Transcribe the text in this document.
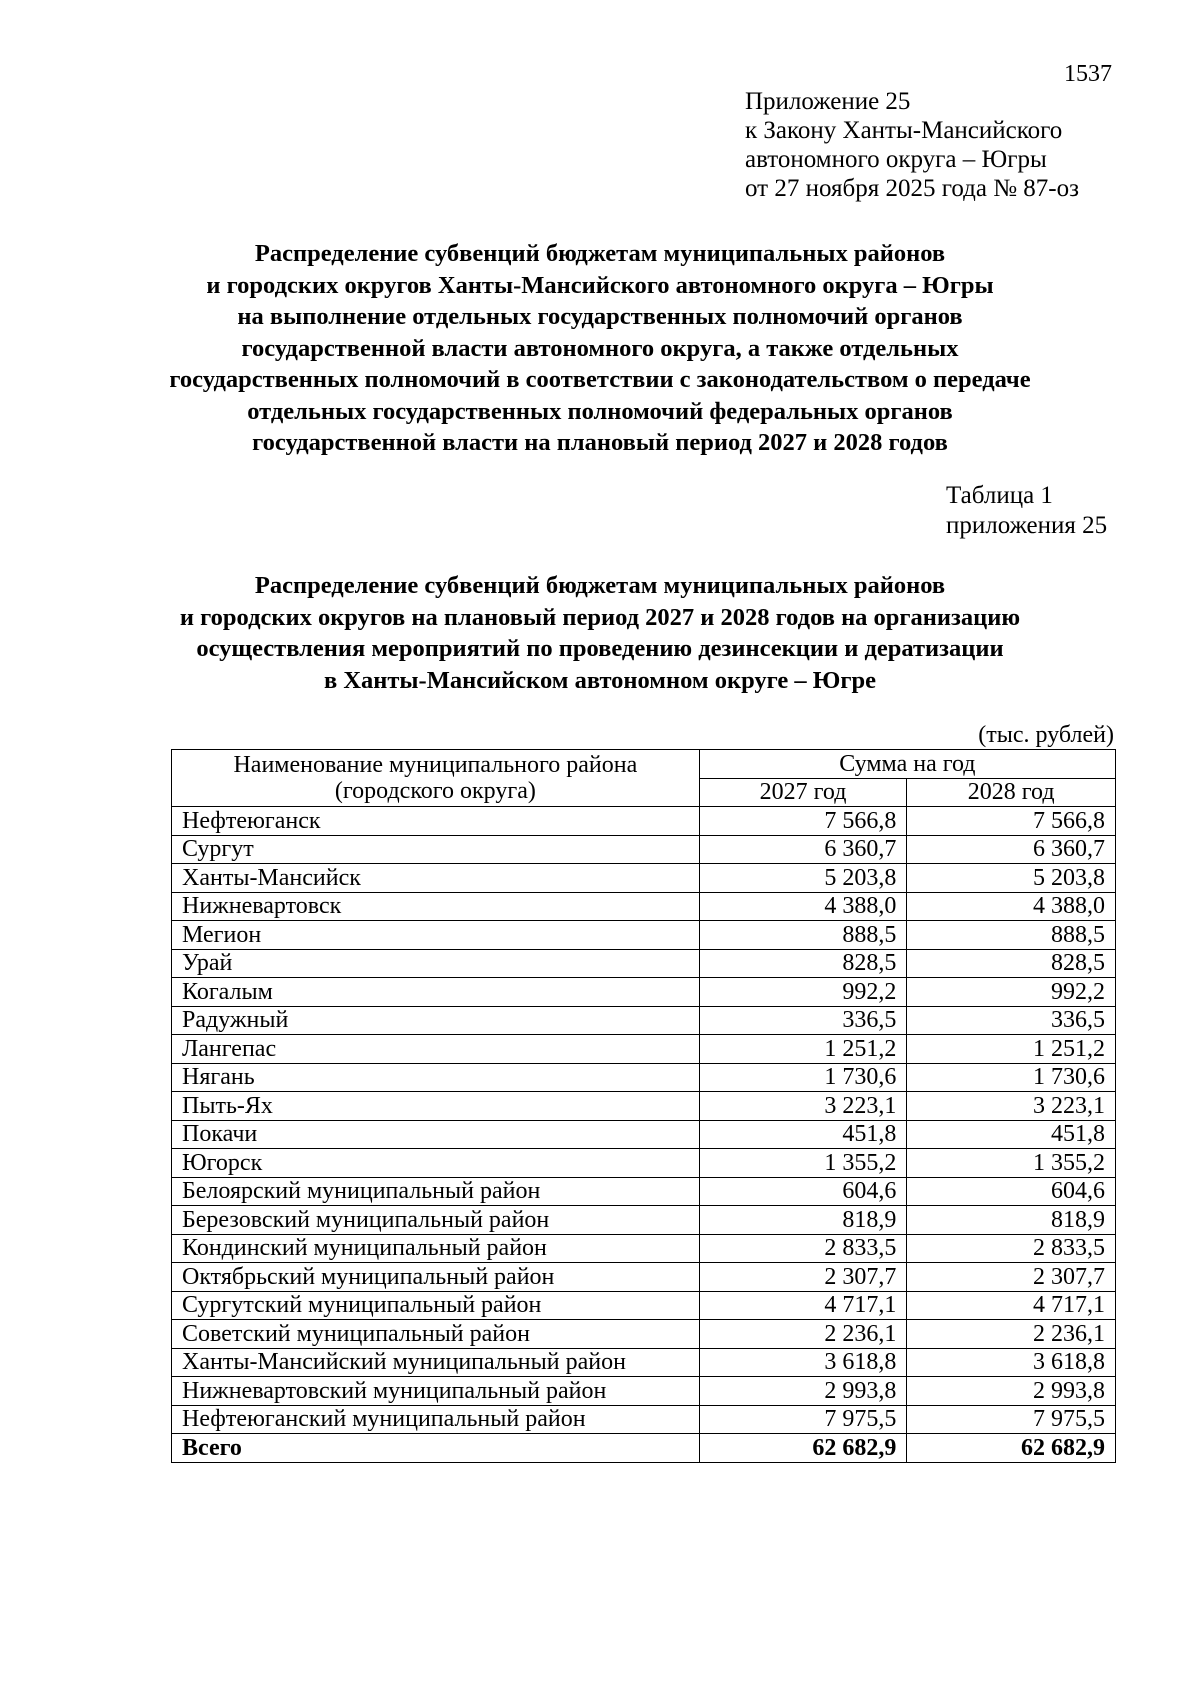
1537
Приложение 25
к Закону Ханты-Мансийского
автономного округа – Югры
от 27 ноября 2025 года № 87-оз
Распределение субвенций бюджетам муниципальных районов
и городских округов Ханты-Мансийского автономного округа – Югры
на выполнение отдельных государственных полномочий органов
государственной власти автономного округа, а также отдельных
государственных полномочий в соответствии с законодательством о передаче
отдельных государственных полномочий федеральных органов
государственной власти на плановый период 2027 и 2028 годов
Таблица 1
приложения 25
Распределение субвенций бюджетам муниципальных районов
и городских округов на плановый период 2027 и 2028 годов на организацию
осуществления мероприятий по проведению дезинсекции и дератизации
в Ханты-Мансийском автономном округе – Югре
(тыс. рублей)
Наименование муниципального района
(городского округа)	Сумма на год	
	2027 год	2028 год
Нефтеюганск	7 566,8	7 566,8
Сургут	6 360,7	6 360,7
Ханты-Мансийск	5 203,8	5 203,8
Нижневартовск	4 388,0	4 388,0
Мегион	888,5	888,5
Урай	828,5	828,5
Когалым	992,2	992,2
Радужный	336,5	336,5
Лангепас	1 251,2	1 251,2
Нягань	1 730,6	1 730,6
Пыть-Ях	3 223,1	3 223,1
Покачи	451,8	451,8
Югорск	1 355,2	1 355,2
Белоярский муниципальный район	604,6	604,6
Березовский муниципальный район	818,9	818,9
Кондинский муниципальный район	2 833,5	2 833,5
Октябрьский муниципальный район	2 307,7	2 307,7
Сургутский муниципальный район	4 717,1	4 717,1
Советский муниципальный район	2 236,1	2 236,1
Ханты-Мансийский муниципальный район	3 618,8	3 618,8
Нижневартовский муниципальный район	2 993,8	2 993,8
Нефтеюганский муниципальный район	7 975,5	7 975,5
Всего	62 682,9	62 682,9
